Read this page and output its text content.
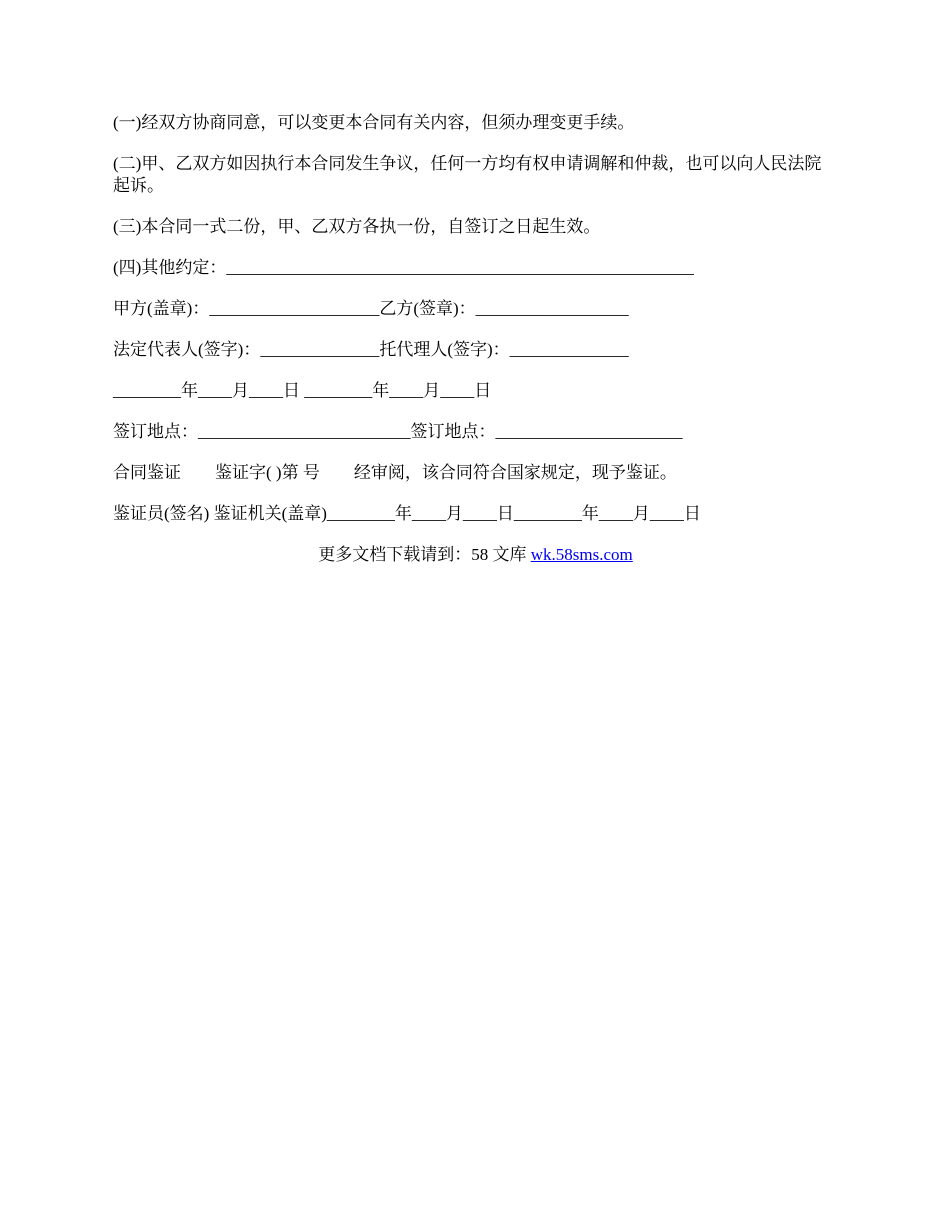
(一)经双方协商同意，可以变更本合同有关内容，但须办理变更手续。

(二)甲、乙双方如因执行本合同发生争议，任何一方均有权申请调解和仲裁，也可以向人民法院起诉。

(三)本合同一式二份，甲、乙双方各执一份，自签订之日起生效。

(四)其他约定：_______________________________________________________

甲方(盖章)：____________________乙方(签章)：__________________

法定代表人(签字)：______________托代理人(签字)：______________

________年____月____日 ________年____月____日

签订地点：_________________________签订地点：______________________

合同鉴证　　鉴证字( )第 号　　经审阅，该合同符合国家规定，现予鉴证。

鉴证员(签名) 鉴证机关(盖章)________年____月____日________年____月____日

更多文档下载请到：58 文库 wk.58sms.com
